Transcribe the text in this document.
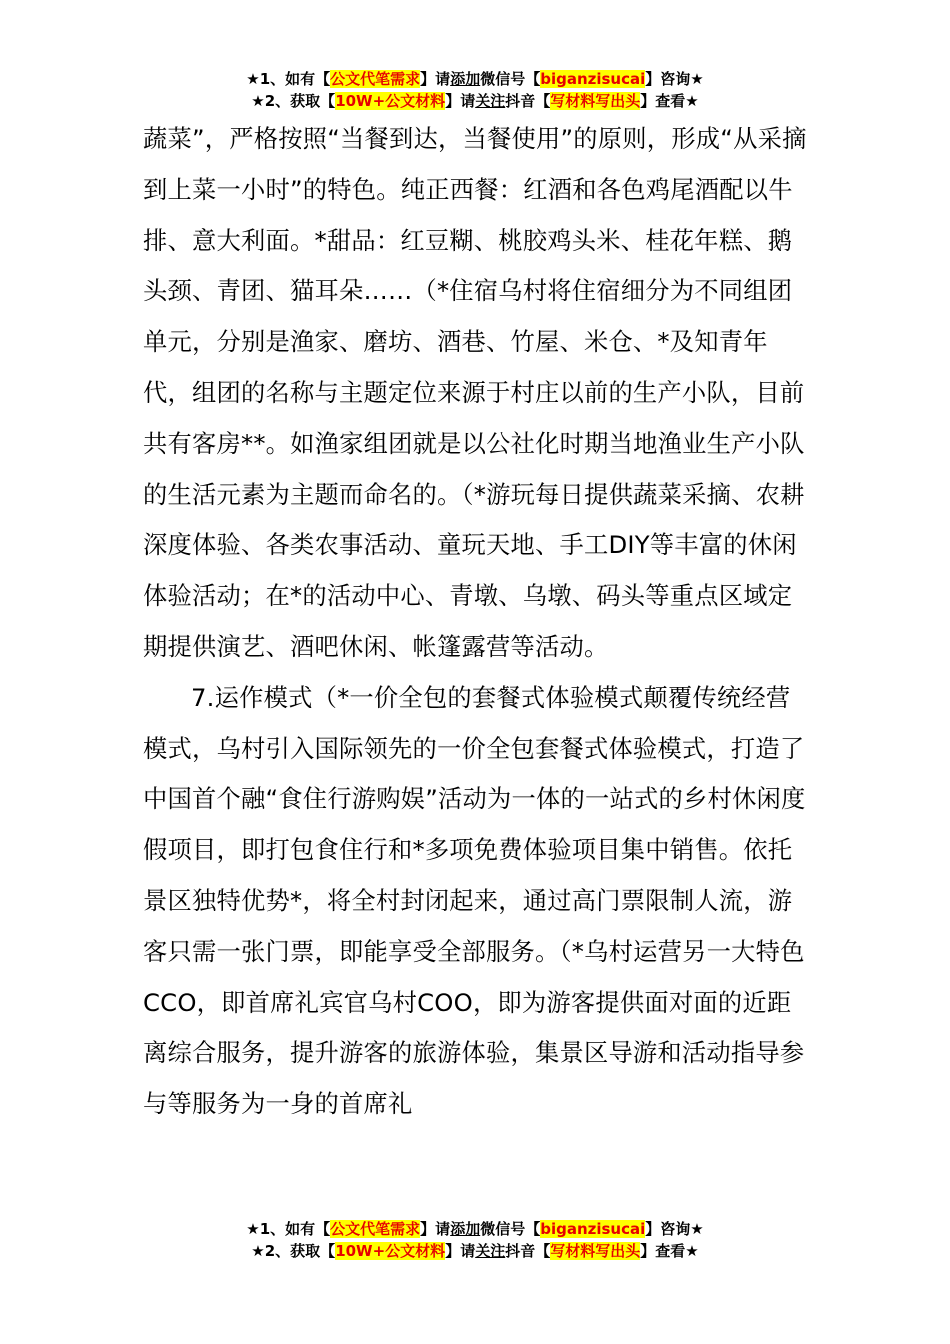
★1、如有【公文代笔需求】请添加微信号【biganzisucai】咨询★
★2、获取【10W+公文材料】请关注抖音【写材料写出头】查看★

蔬菜”，严格按照“当餐到达，当餐使用”的原则，形成“从采摘到上菜一小时”的特色。纯正西餐：红酒和各色鸡尾酒配以牛排、意大利面。*甜品：红豆糊、桃胶鸡头米、桂花年糕、鹅头颈、青团、猫耳朵……（*住宿乌村将住宿细分为不同组团单元，分别是渔家、磨坊、酒巷、竹屋、米仓、*及知青年代，组团的名称与主题定位来源于村庄以前的生产小队，目前共有客房**。如渔家组团就是以公社化时期当地渔业生产小队的生活元素为主题而命名的。（*游玩每日提供蔬菜采摘、农耕深度体验、各类农事活动、童玩天地、手工DIY等丰富的休闲体验活动；在*的活动中心、青墩、乌墩、码头等重点区域定期提供演艺、酒吧休闲、帐篷露营等活动。

7.运作模式（*一价全包的套餐式体验模式颠覆传统经营模式，乌村引入国际领先的一价全包套餐式体验模式，打造了中国首个融“食住行游购娱”活动为一体的一站式的乡村休闲度假项目，即打包食住行和*多项免费体验项目集中销售。依托景区独特优势*，将全村封闭起来，通过高门票限制人流，游客只需一张门票，即能享受全部服务。（*乌村运营另一大特色CCO，即首席礼宾官乌村COO，即为游客提供面对面的近距离综合服务，提升游客的旅游体验，集景区导游和活动指导参与等服务为一身的首席礼

★1、如有【公文代笔需求】请添加微信号【biganzisucai】咨询★
★2、获取【10W+公文材料】请关注抖音【写材料写出头】查看★
